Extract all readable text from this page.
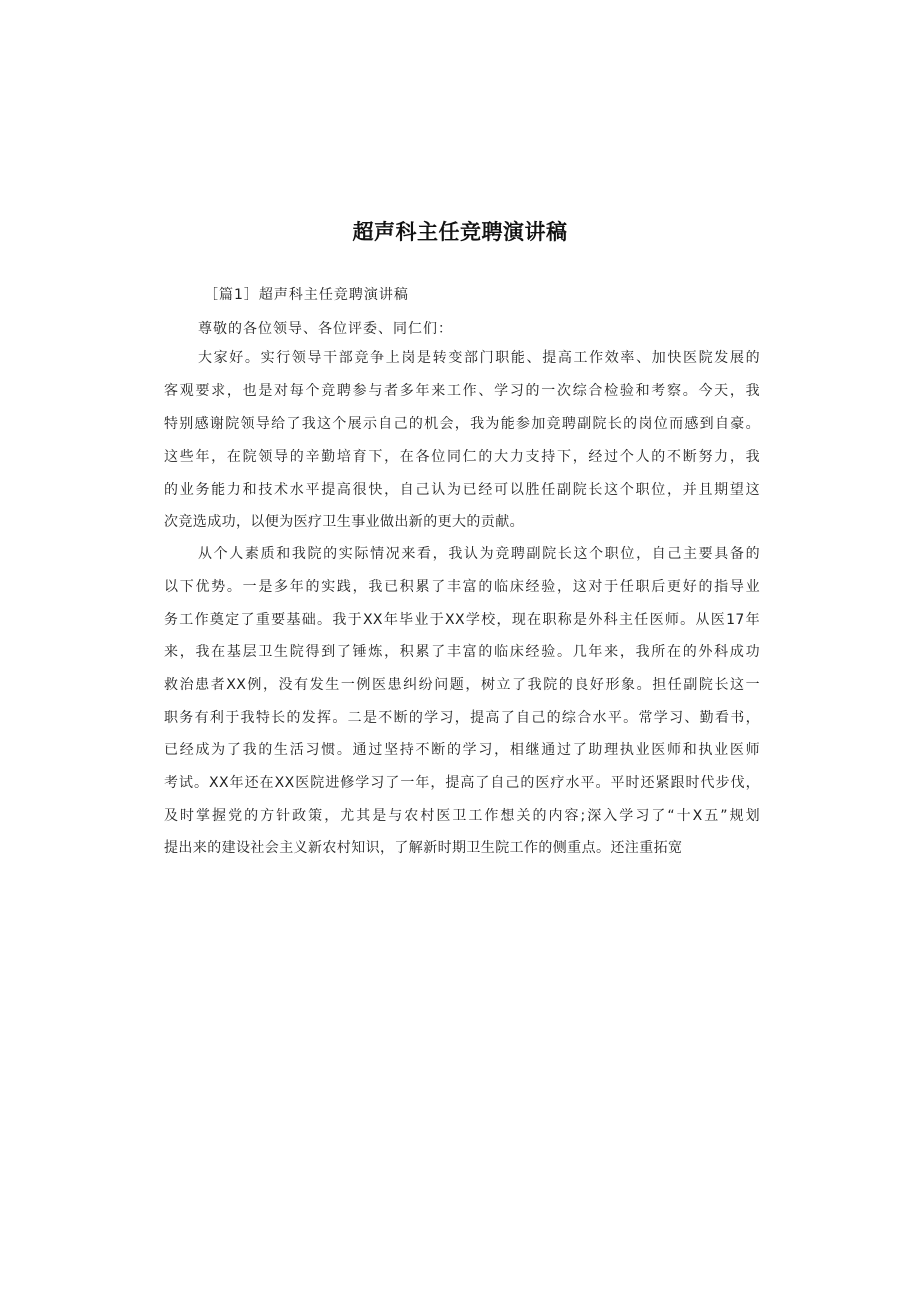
超声科主任竞聘演讲稿
［篇1］超声科主任竞聘演讲稿
尊敬的各位领导、各位评委、同仁们：
大家好。实行领导干部竞争上岗是转变部门职能、提高工作效率、加快医院发展的
客观要求，也是对每个竞聘参与者多年来工作、学习的一次综合检验和考察。今天，我
特别感谢院领导给了我这个展示自己的机会，我为能参加竞聘副院长的岗位而感到自豪。
这些年，在院领导的辛勤培育下，在各位同仁的大力支持下，经过个人的不断努力，我
的业务能力和技术水平提高很快，自己认为已经可以胜任副院长这个职位，并且期望这
次竞选成功，以便为医疗卫生事业做出新的更大的贡献。
从个人素质和我院的实际情况来看，我认为竞聘副院长这个职位，自己主要具备的
以下优势。一是多年的实践，我已积累了丰富的临床经验，这对于任职后更好的指导业
务工作奠定了重要基础。我于XX年毕业于XX学校，现在职称是外科主任医师。从医17年
来，我在基层卫生院得到了锤炼，积累了丰富的临床经验。几年来，我所在的外科成功
救治患者XX例，没有发生一例医患纠纷问题，树立了我院的良好形象。担任副院长这一
职务有利于我特长的发挥。二是不断的学习，提高了自己的综合水平。常学习、勤看书，
已经成为了我的生活习惯。通过坚持不断的学习，相继通过了助理执业医师和执业医师
考试。XX年还在XX医院进修学习了一年，提高了自己的医疗水平。平时还紧跟时代步伐，
及时掌握党的方针政策，尤其是与农村医卫工作想关的内容;深入学习了“十X五”规划
提出来的建设社会主义新农村知识，了解新时期卫生院工作的侧重点。还注重拓宽
